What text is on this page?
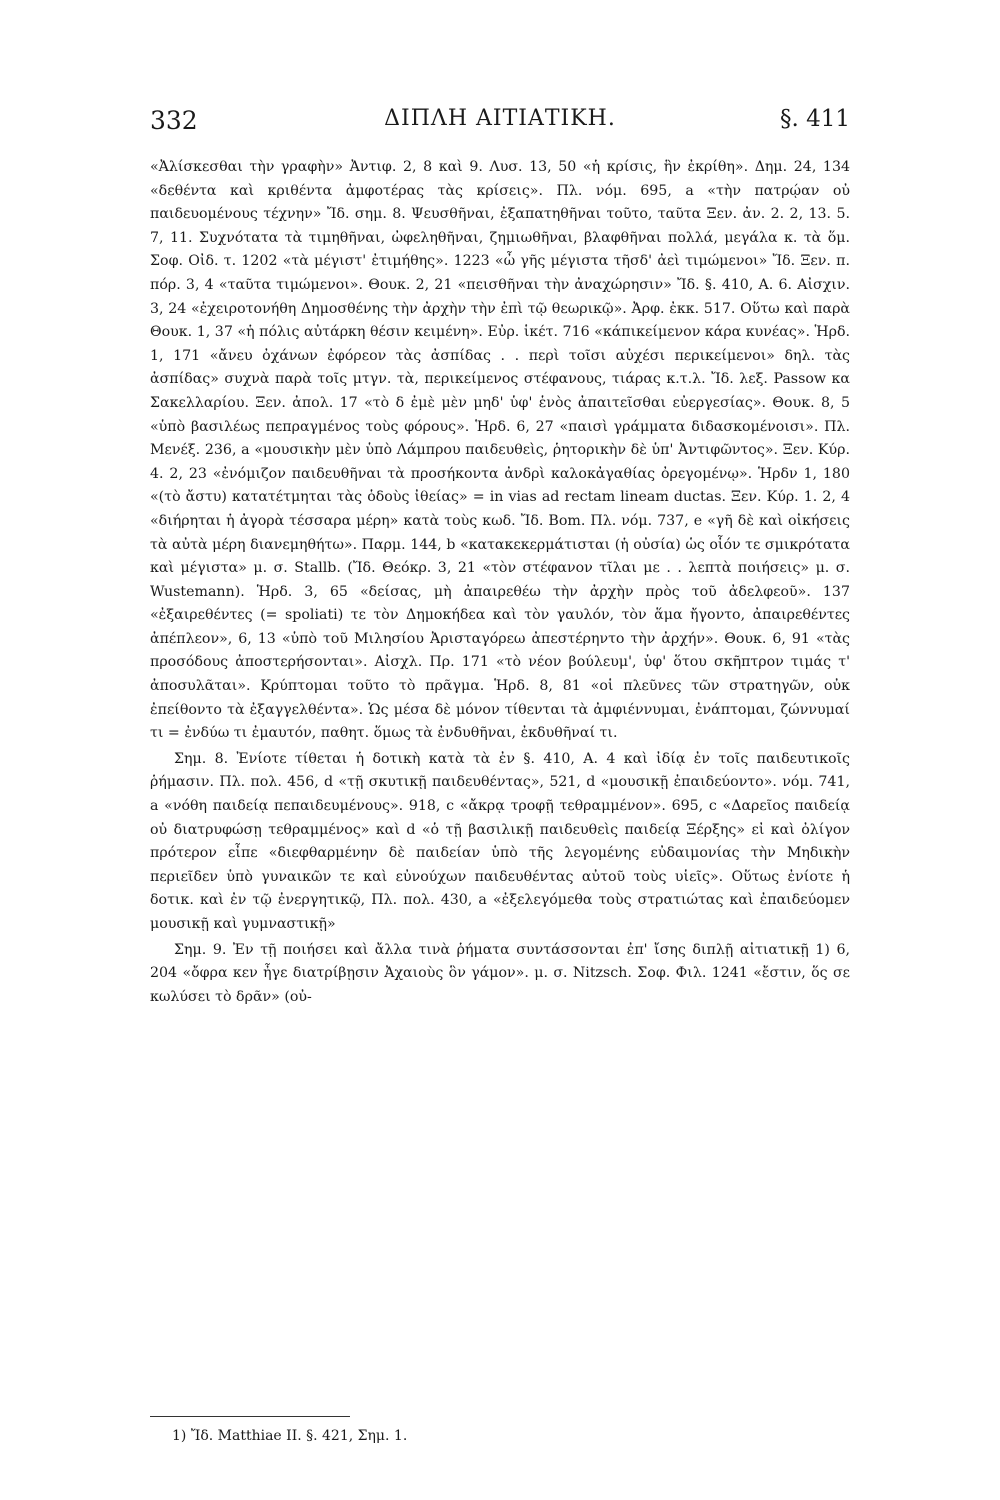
332	ΔΙΠΛΗ ΑΙΤΙΑΤΙΚΗ.	§. 411

«Ἀλίσκεσθαι τὴν γραφὴν» Ἀντιφ. 2, 8 καὶ 9. Λυσ. 13, 50 «ἡ κρίσις, ἣν ἐκρίθη». Δημ. 24, 134 «δεθέντα καὶ κριθέντα ἀμφοτέρας τὰς κρίσεις». Πλ. νόμ. 695, a «τὴν πατρῴαν οὐ παιδευομένους τέχνην» Ἴδ. σημ. 8. Ψευσθῆναι, ἐξαπατηθῆναι τοῦτο, ταῦτα Ξεν. ἀν. 2. 2, 13. 5. 7, 11. Συχνότατα τὰ τιμηθῆναι, ὠφεληθῆναι, ζημιωθῆναι, βλαφθῆναι πολλά, μεγάλα κ. τὰ ὅμ. Σοφ. Οἰδ. τ. 1202 «τὰ μέγιστ' ἐτιμήθης». 1223 «ὦ γῆς μέγιστα τῆσδ' ἀεὶ τιμώμενοι» Ἴδ. Ξεν. π. πόρ. 3, 4 «ταῦτα τιμώμενοι». Θουκ. 2, 21 «πεισθῆναι τὴν ἀναχώρησιν» Ἴδ. §. 410, Α. 6. Αἰσχιν. 3, 24 «ἐχειροτονήθη Δημοσθένης τὴν ἀρχὴν τὴν ἐπὶ τῷ θεωρικῷ». Ἀρφ. ἐκκ. 517. Οὕτω καὶ παρὰ Θουκ. 1, 37 «ἡ πόλις αὐτάρκη θέσιν κειμένη». Εὐρ. ἱκέτ. 716 «κάπικείμενον κάρα κυνέας». Ἡρδ. 1, 171 «ἄνευ ὀχάνων ἐφόρεον τὰς ἀσπίδας . . περὶ τοῖσι αὐχέσι περικείμενοι» δηλ. τὰς ἀσπίδας» συχνὰ παρὰ τοῖς μτγν. τὰ, περικείμενος στέφανους, τιάρας κ.τ.λ. Ἴδ. λεξ. Passow κα Σακελλαρίου. Ξεν. ἀπολ. 17 «τὸ δ ἐμὲ μὲν μηδ' ὑφ' ἑνὸς ἀπαιτεῖσθαι εὐεργεσίας». Θουκ. 8, 5 «ὑπὸ βασιλέως πεπραγμένος τοὺς φόρους». Ἡρδ. 6, 27 «παισὶ γράμματα διδασκομένοισι». Πλ. Μενέξ. 236, a «μουσικὴν μὲν ὑπὸ Λάμπρου παιδευθεὶς, ῥητορικὴν δὲ ὑπ' Ἀντιφῶντος». Ξεν. Κύρ. 4. 2, 23 «ἐνόμιζον παιδευθῆναι τὰ προσήκοντα ἀνδρὶ καλοκἀγαθίας ὀρεγομένῳ». Ἡρδν 1, 180 «(τὸ ἄστυ) κατατέτμηται τὰς ὁδοὺς ἰθείας» = in vias ad rectam lineam ductas. Ξεν. Κύρ. 1. 2, 4 «διήρηται ἡ ἀγορὰ τέσσαρα μέρη» κατὰ τοὺς κωδ. Ἴδ. Bom. Πλ. νόμ. 737, e «γῆ δὲ καὶ οἰκήσεις τὰ αὐτὰ μέρη διανεμηθήτω». Παρμ. 144, b «κατακεκερμάτισται (ἡ οὐσία) ὡς οἷόν τε σμικρότατα καὶ μέγιστα» μ. σ. Stallb. (Ἴδ. Θεόκρ. 3, 21 «τὸν στέφανον τῖλαι με . . λεπτὰ ποιήσεις» μ. σ. Wustemann). Ἡρδ. 3, 65 «δείσας, μὴ ἀπαιρεθέω τὴν ἀρχὴν πρὸς τοῦ ἀδελφεοῦ». 137 «ἐξαιρεθέντες (= spoliati) τε τὸν Δημοκήδεα καὶ τὸν γαυλόν, τὸν ἅμα ἤγοντο, ἀπαιρεθέντες ἀπέπλεον», 6, 13 «ὑπὸ τοῦ Μιλησίου Ἀρισταγόρεω ἀπεστέρηντο τὴν ἀρχήν». Θουκ. 6, 91 «τὰς προσόδους ἀποστερήσονται». Αἰσχλ. Πρ. 171 «τὸ νέον βούλευμ', ὑφ' ὅτου σκῆπτρον τιμάς τ' ἀποσυλᾶται». Κρύπτομαι τοῦτο τὸ πρᾶγμα. Ἡρδ. 8, 81 «οἱ πλεῦνες τῶν στρατηγῶν, οὐκ ἐπείθοντο τὰ ἐξαγγελθέντα». Ὡς μέσα δὲ μόνον τίθενται τὰ ἀμφιέννυμαι, ἐνάπτομαι, ζώννυμαί τι = ἐνδύω τι ἐμαυτόν, παθητ. ὅμως τὰ ἐνδυθῆναι, ἐκδυθῆναί τι.

Σημ. 8. Ἐνίοτε τίθεται ἡ δοτικὴ κατὰ τὰ ἐν §. 410, Α. 4 καὶ ἰδίᾳ ἐν τοῖς παιδευτικοῖς ῥήμασιν. Πλ. πολ. 456, d «τῇ σκυτικῇ παιδευθέντας», 521, d «μουσικῇ ἐπαιδεύοντο». νόμ. 741, a «νόθη παιδείᾳ πεπαιδευμένους». 918, c «ἄκρᾳ τροφῇ τεθραμμένον». 695, c «Δαρεῖος παιδείᾳ οὐ διατρυφώσῃ τεθραμμένος» καὶ d «ὁ τῇ βασιλικῇ παιδευθεὶς παιδείᾳ Ξέρξης» εἰ καὶ ὀλίγον πρότερον εἶπε «διεφθαρμένην δὲ παιδείαν ὑπὸ τῆς λεγομένης εὐδαιμονίας τὴν Μηδικὴν περιεῖδεν ὑπὸ γυναικῶν τε καὶ εὐνούχων παιδευθέντας αὐτοῦ τοὺς υἱεῖς». Οὕτως ἐνίοτε ἡ δοτικ. καὶ ἐν τῷ ἐνεργητικῷ, Πλ. πολ. 430, a «ἐξελεγόμεθα τοὺς στρατιώτας καὶ ἐπαιδεύομεν μουσικῇ καὶ γυμναστικῇ»

Σημ. 9. Ἐν τῇ ποιήσει καὶ ἄλλα τινὰ ῥήματα συντάσσονται ἐπ' ἴσης διπλῇ αἰτιατικῇ 1) 6, 204 «ὄφρα κεν ἦγε διατρίβῃσιν Ἀχαιοὺς ὃν γάμον». μ. σ. Nitzsch. Σοφ. Φιλ. 1241 «ἔστιν, ὅς σε κωλύσει τὸ δρᾶν» (οὐ-

1) Ἴδ. Matthiae II. §. 421, Σημ. 1.
